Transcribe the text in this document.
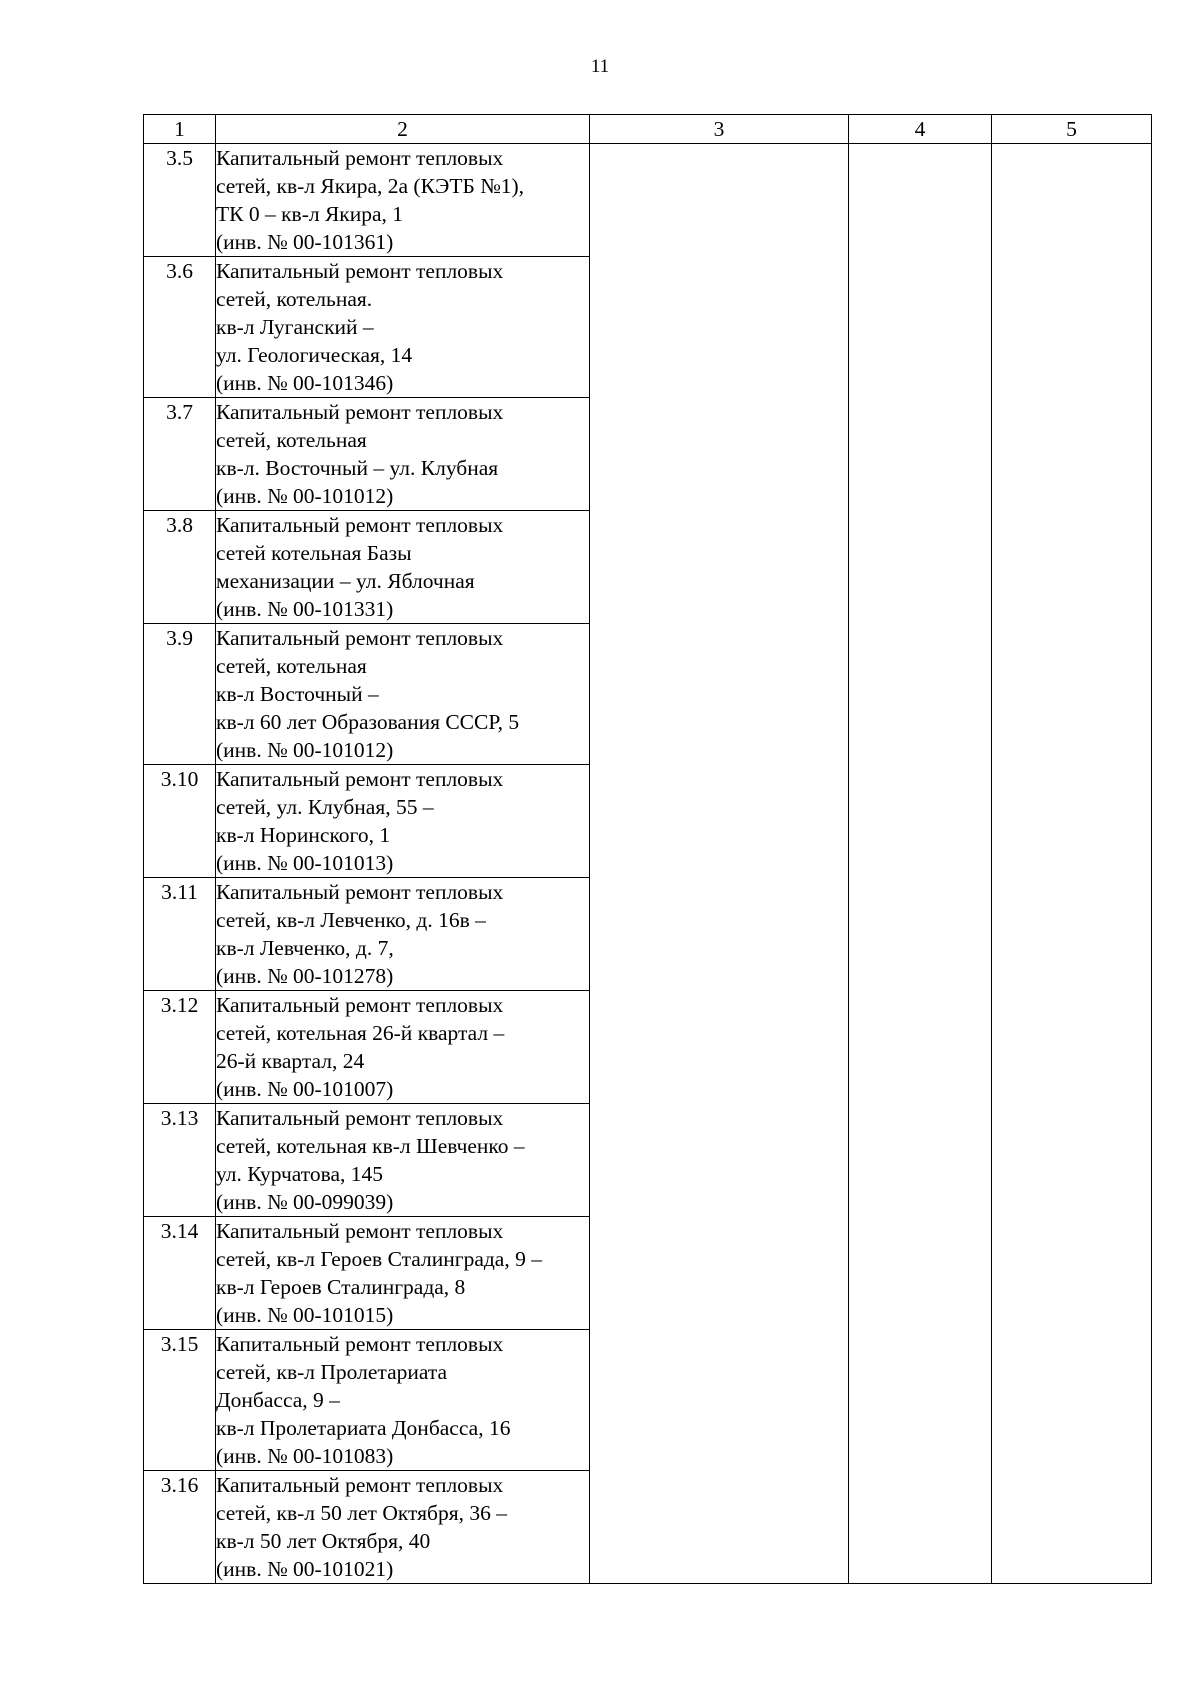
11
1	2	3	4	5
3.5	Капитальный ремонт тепловых
сетей, кв-л Якира, 2а (КЭТБ №1),
ТК 0 – кв-л Якира, 1
(инв. № 00-101361)			
3.6	Капитальный ремонт тепловых
сетей, котельная.
кв-л Луганский –
ул. Геологическая, 14
(инв. № 00-101346)			
3.7	Капитальный ремонт тепловых
сетей, котельная
кв-л. Восточный – ул. Клубная
(инв. № 00-101012)			
3.8	Капитальный ремонт тепловых
сетей котельная Базы
механизации – ул. Яблочная
(инв. № 00-101331)			
3.9	Капитальный ремонт тепловых
сетей, котельная
кв-л Восточный –
кв-л 60 лет Образования СССР, 5
(инв. № 00-101012)			
3.10	Капитальный ремонт тепловых
сетей, ул. Клубная, 55 –
кв-л Норинского, 1
(инв. № 00-101013)			
3.11	Капитальный ремонт тепловых
сетей, кв-л Левченко, д. 16в –
кв-л Левченко, д. 7,
(инв. № 00-101278)			
3.12	Капитальный ремонт тепловых
сетей, котельная 26-й квартал –
26-й квартал, 24
(инв. № 00-101007)			
3.13	Капитальный ремонт тепловых
сетей, котельная кв-л Шевченко –
ул. Курчатова, 145
(инв. № 00-099039)			
3.14	Капитальный ремонт тепловых
сетей, кв-л Героев Сталинграда, 9 –
кв-л Героев Сталинграда, 8
(инв. № 00-101015)			
3.15	Капитальный ремонт тепловых
сетей, кв-л Пролетариата
Донбасса, 9 –
кв-л Пролетариата Донбасса, 16
(инв. № 00-101083)			
3.16	Капитальный ремонт тепловых
сетей, кв-л 50 лет Октября, 36 –
кв-л 50 лет Октября, 40
(инв. № 00-101021)			
